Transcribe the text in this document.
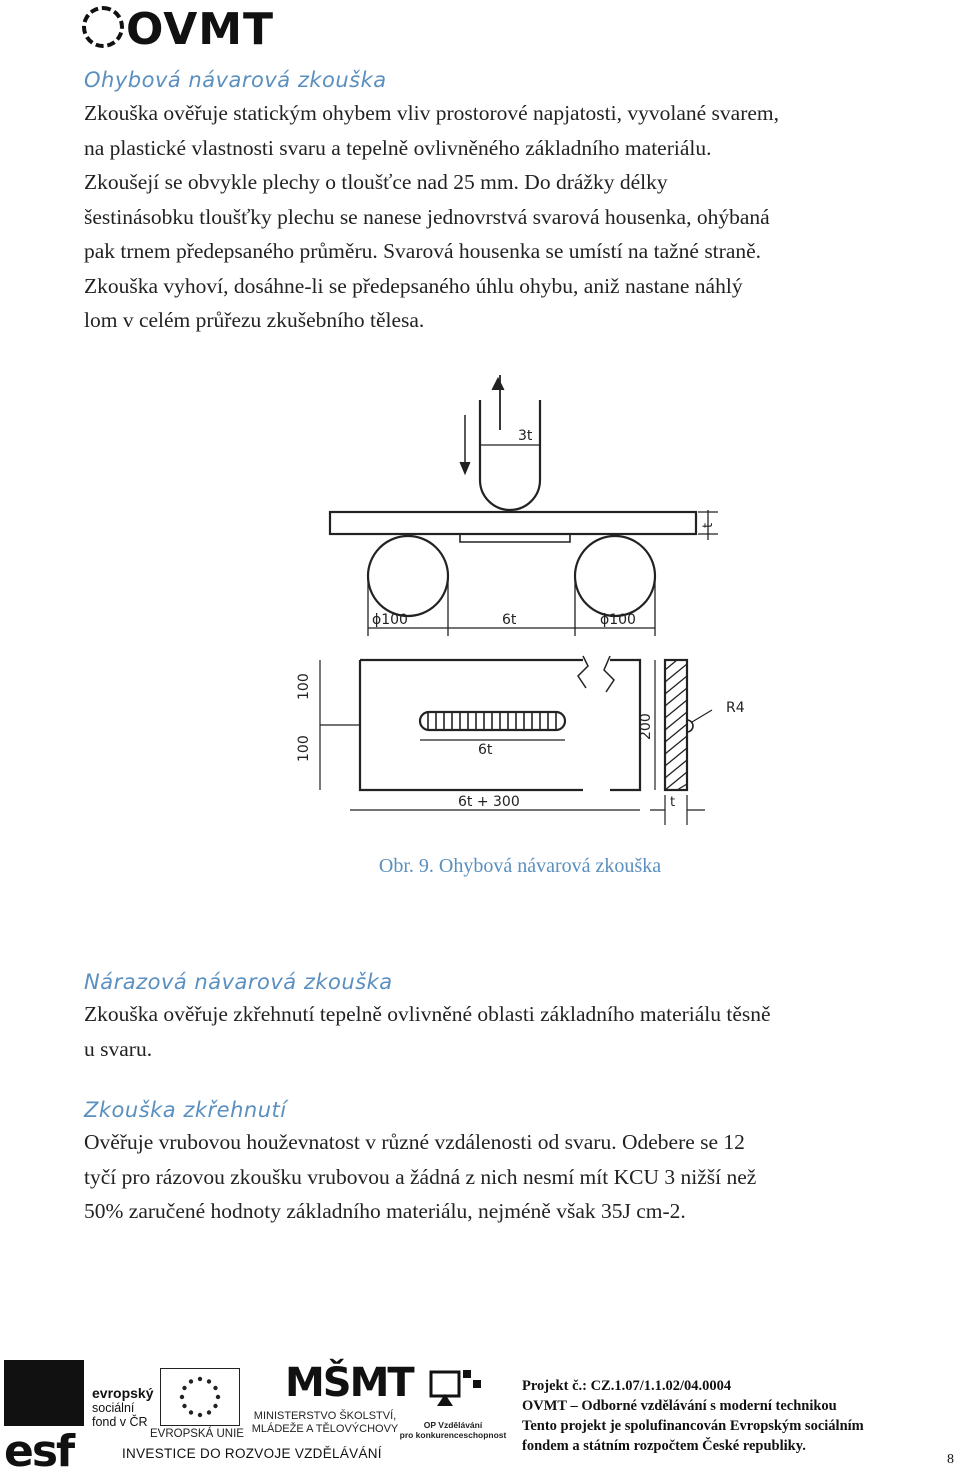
OVMT
Ohybová návarová zkouška
Zkouška ověřuje statickým ohybem vliv prostorové napjatosti, vyvolané svarem,
na plastické vlastnosti svaru a tepelně ovlivněného základního materiálu.
Zkoušejí se obvykle plechy o tloušťce nad 25 mm. Do drážky délky
šestinásobku tloušťky plechu se nanese jednovrstvá svarová housenka, ohýbaná
pak trnem předepsaného průměru. Svarová housenka se umístí na tažné straně.
Zkouška vyhoví, dosáhne-li se předepsaného úhlu ohybu, aniž nastane náhlý
lom v celém průřezu zkušebního tělesa.
3t
t
ϕ100	6t	ϕ100
100
100	6t
200
6t + 300
R4
t
Obr. 9. Ohybová návarová zkouška
Nárazová návarová zkouška
Zkouška ověřuje zkřehnutí tepelně ovlivněné oblasti základního materiálu těsně
u svaru.
Zkouška zkřehnutí
Ověřuje vrubovou houževnatost v různé vzdálenosti od svaru. Odebere se 12
tyčí pro rázovou zkoušku vrubovou a žádná z nich nesmí mít KCU 3 nižší než
50% zaručené hodnoty základního materiálu, nejméně však 35J cm-2.
esf
evropský
sociální
fond v ČR
EVROPSKÁ UNIE
MŠMT
MINISTERSTVO ŠKOLSTVÍ,
MLÁDEŽE A TĚLOVÝCHOVY	OP Vzdělávání
pro konkurenceschopnost
INVESTICE DO ROZVOJE VZDĚLÁVÁNÍ
Projekt č.: CZ.1.07/1.1.02/04.0004
OVMT – Odborné vzdělávání s moderní technikou
Tento projekt je spolufinancován Evropským sociálním
fondem a státním rozpočtem České republiky.
8
